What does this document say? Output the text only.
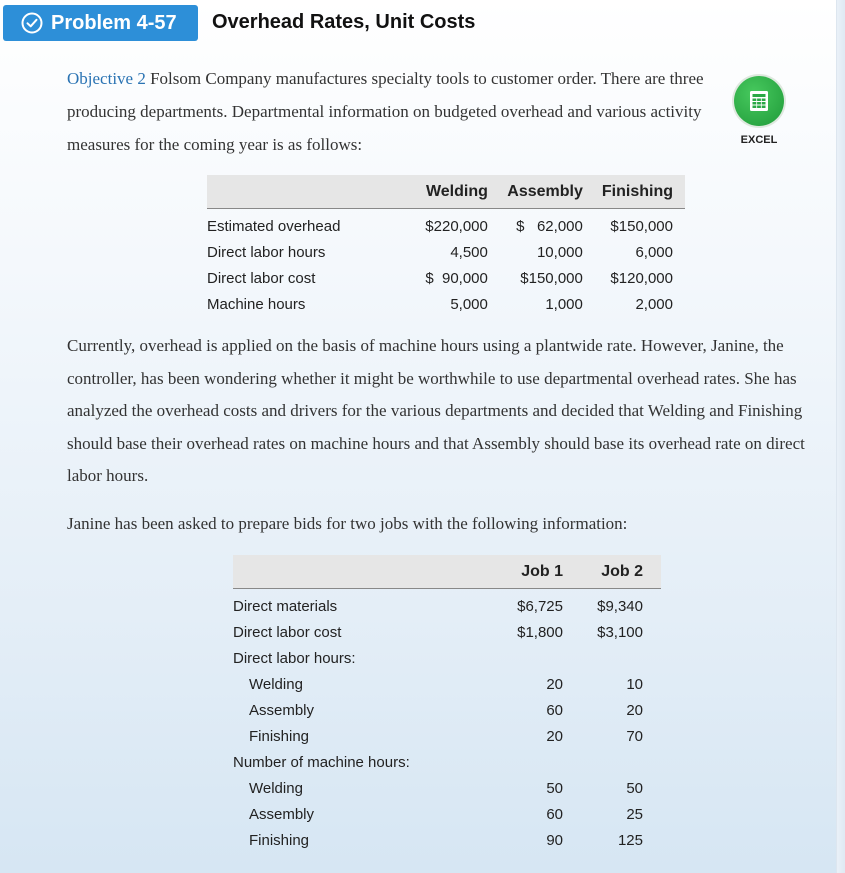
Problem 4-57 Overhead Rates, Unit Costs
Objective 2 Folsom Company manufactures specialty tools to customer order. There are three producing departments. Departmental information on budgeted overhead and various activity measures for the coming year is as follows:	EXCEL
	Welding	Assembly	Finishing
Estimated overhead	$220,000	$   62,000	$150,000
Direct labor hours	4,500	10,000	6,000
Direct labor cost	$  90,000	$150,000	$120,000
Machine hours	5,000	1,000	2,000
Currently, overhead is applied on the basis of machine hours using a plantwide rate. However, Janine, the controller, has been wondering whether it might be worthwhile to use departmental overhead rates. She has analyzed the overhead costs and drivers for the various departments and decided that Welding and Finishing should base their overhead rates on machine hours and that Assembly should base its overhead rate on direct labor hours.
Janine has been asked to prepare bids for two jobs with the following information:
	Job 1	Job 2
Direct materials	$6,725	$9,340
Direct labor cost	$1,800	$3,100
Direct labor hours:		
Welding	20	10
Assembly	60	20
Finishing	20	70
Number of machine hours:		
Welding	50	50
Assembly	60	25
Finishing	90	125
